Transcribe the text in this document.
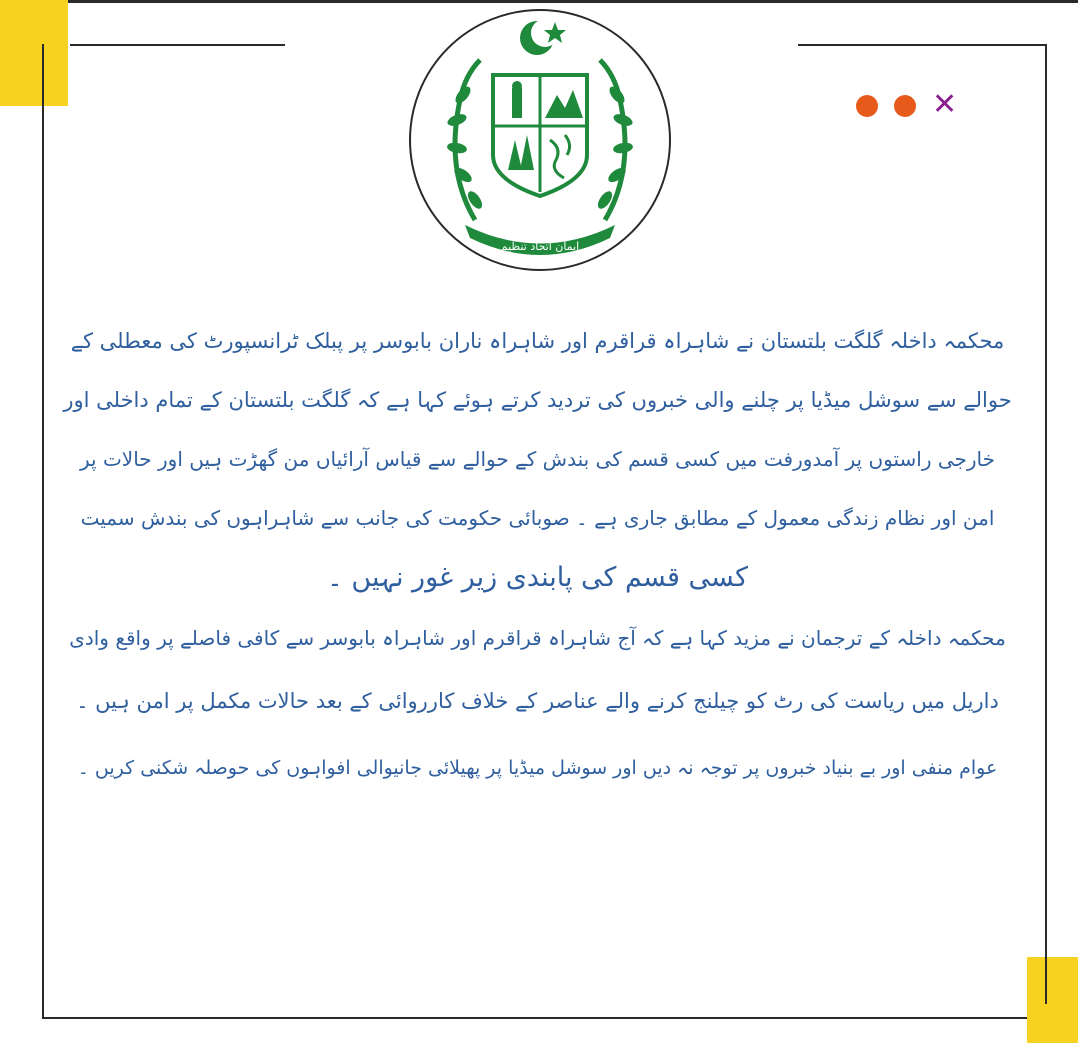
✕
ایمان اتحاد تنظیم

محکمہ داخلہ گلگت بلتستان نے شاہراہ قراقرم اور شاہراہ ناران بابوسر پر پبلک ٹرانسپورٹ کی معطلی کے

حوالے سے سوشل میڈیا پر چلنے والی خبروں کی تردید کرتے ہوئے کہا ہے کہ گلگت بلتستان کے تمام داخلی اور

خارجی راستوں پر آمدورفت میں کسی قسم کی بندش کے حوالے سے قیاس آرائیاں من گھڑت ہیں اور حالات پر

امن اور نظام زندگی معمول کے مطابق جاری ہے ۔ صوبائی حکومت کی جانب سے شاہراہوں کی بندش سمیت

کسی قسم کی پابندی زیر غور نہیں ۔

محکمہ داخلہ کے ترجمان نے مزید کہا ہے کہ آج شاہراہ قراقرم اور شاہراہ بابوسر سے کافی فاصلے پر واقع وادی

داریل میں ریاست کی رٹ کو چیلنج کرنے والے عناصر کے خلاف کارروائی کے بعد حالات مکمل پر امن ہیں ۔

عوام منفی اور بے بنیاد خبروں پر توجہ نہ دیں اور سوشل میڈیا پر پھیلائی جانیوالی افواہوں کی حوصلہ شکنی کریں ۔
